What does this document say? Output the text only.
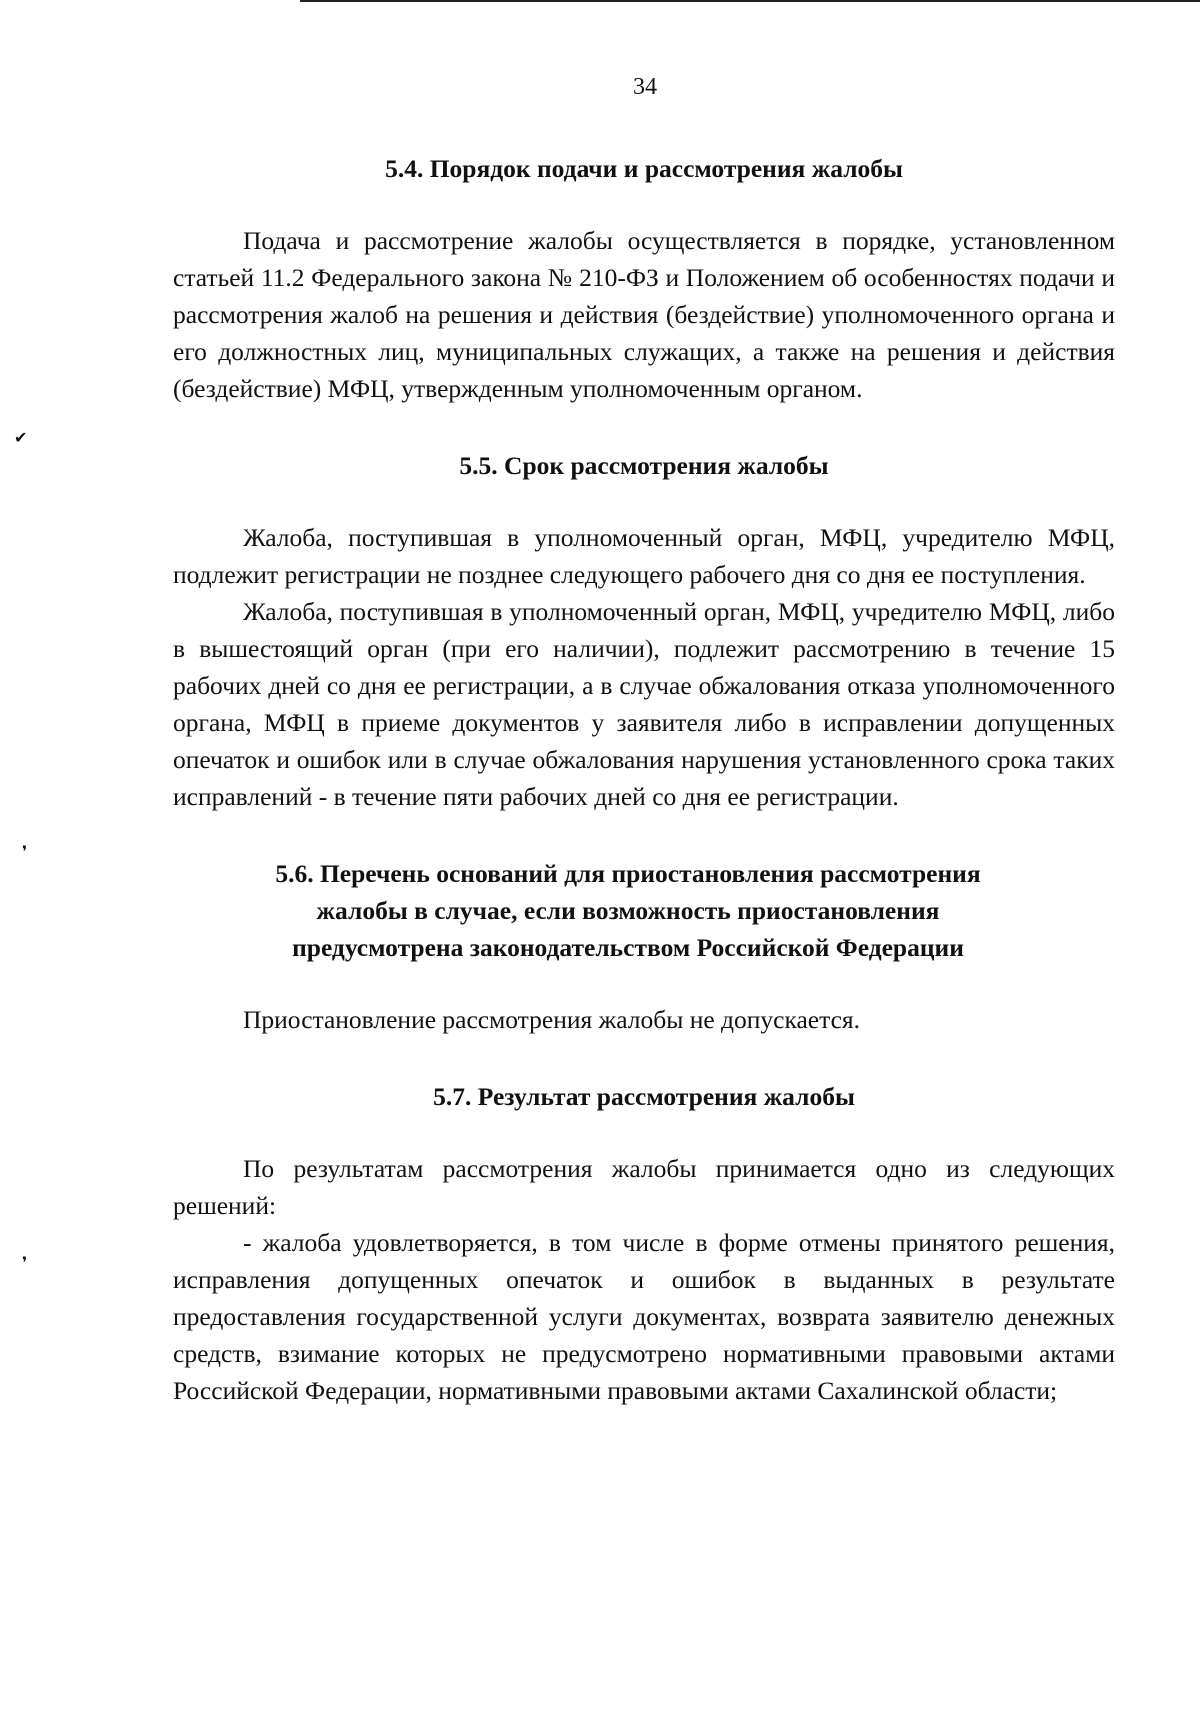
✔
❜
❜
34
5.4. Порядок подачи и рассмотрения жалобы

Подача и рассмотрение жалобы осуществляется в порядке, установленном статьей 11.2 Федерального закона № 210-ФЗ и Положением об особенностях подачи и рассмотрения жалоб на решения и действия (бездействие) уполномоченного органа и его должностных лиц, муниципальных служащих, а также на решения и действия (бездействие) МФЦ, утвержденным уполномоченным органом.

5.5. Срок рассмотрения жалобы

Жалоба, поступившая в уполномоченный орган, МФЦ, учредителю МФЦ, подлежит регистрации не позднее следующего рабочего дня со дня ее поступления.

Жалоба, поступившая в уполномоченный орган, МФЦ, учредителю МФЦ, либо в вышестоящий орган (при его наличии), подлежит рассмотрению в течение 15 рабочих дней со дня ее регистрации, а в случае обжалования отказа уполномоченного органа, МФЦ в приеме документов у заявителя либо в исправлении допущенных опечаток и ошибок или в случае обжалования нарушения установленного срока таких исправлений - в течение пяти рабочих дней со дня ее регистрации.

5.6. Перечень оснований для приостановления рассмотрения
жалобы в случае, если возможность приостановления
предусмотрена законодательством Российской Федерации

Приостановление рассмотрения жалобы не допускается.

5.7. Результат рассмотрения жалобы

По результатам рассмотрения жалобы принимается одно из следующих решений:

- жалоба удовлетворяется, в том числе в форме отмены принятого решения, исправления допущенных опечаток и ошибок в выданных в результате предоставления государственной услуги документах, возврата заявителю денежных средств, взимание которых не предусмотрено нормативными правовыми актами Российской Федерации, нормативными правовыми актами Сахалинской области;
